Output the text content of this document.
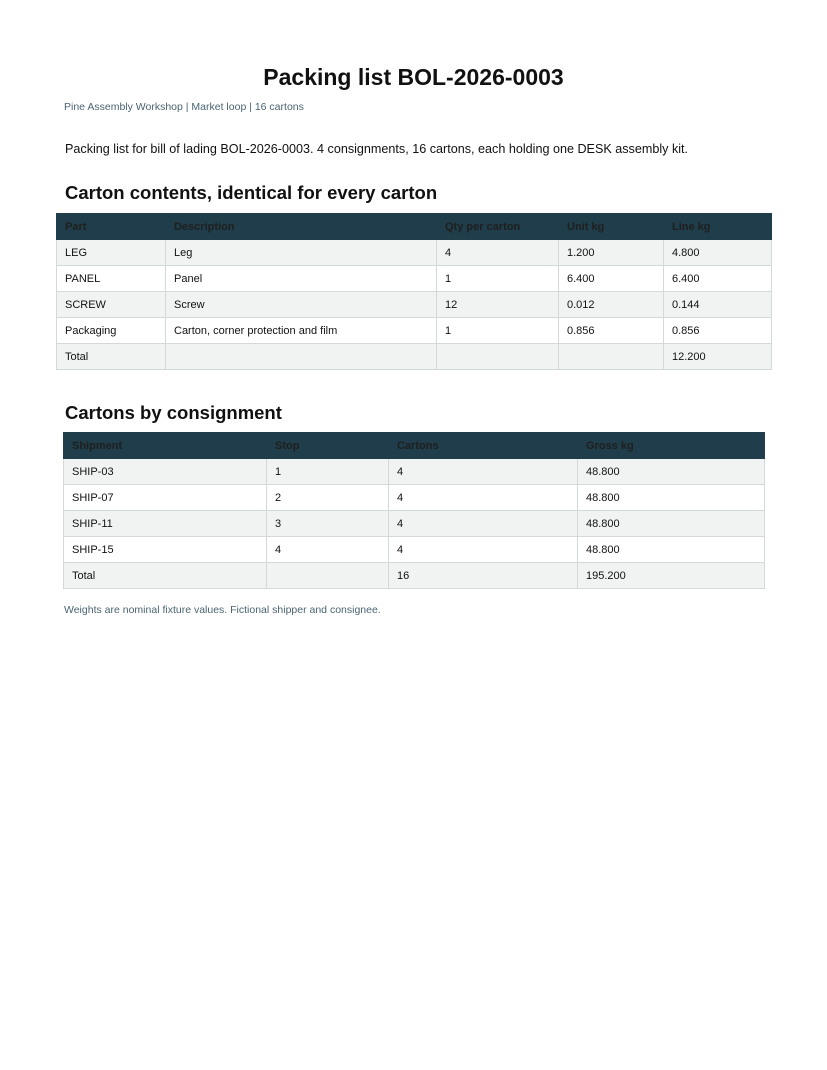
Packing list BOL-2026-0003
Pine Assembly Workshop | Market loop | 16 cartons
Packing list for bill of lading BOL-2026-0003. 4 consignments, 16 cartons, each holding one DESK assembly kit.
Carton contents, identical for every carton
Part	Description	Qty per carton	Unit kg	Line kg
LEG	Leg	4	1.200	4.800
PANEL	Panel	1	6.400	6.400
SCREW	Screw	12	0.012	0.144
Packaging	Carton, corner protection and film	1	0.856	0.856
Total				12.200
Cartons by consignment
Shipment	Stop	Cartons	Gross kg
SHIP-03	1	4	48.800
SHIP-07	2	4	48.800
SHIP-11	3	4	48.800
SHIP-15	4	4	48.800
Total		16	195.200
Weights are nominal fixture values. Fictional shipper and consignee.
